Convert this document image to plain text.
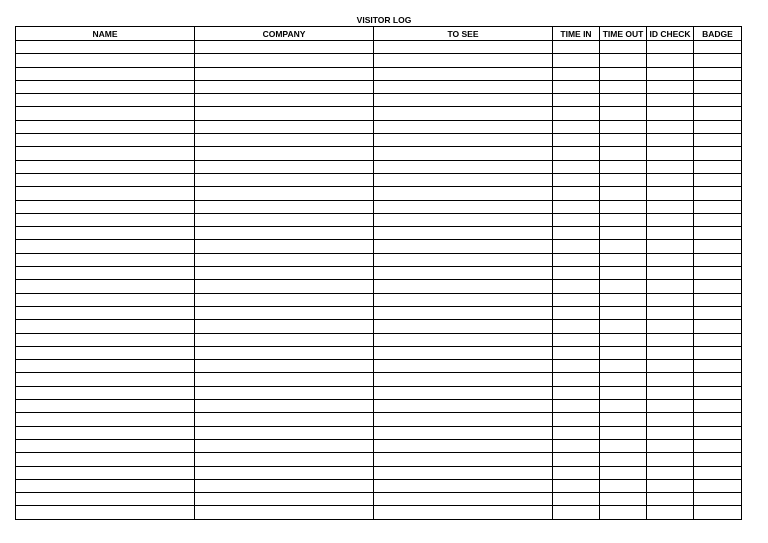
VISITOR LOG
NAME	COMPANY	TO SEE	TIME IN	TIME OUT	ID CHECK	BADGE
